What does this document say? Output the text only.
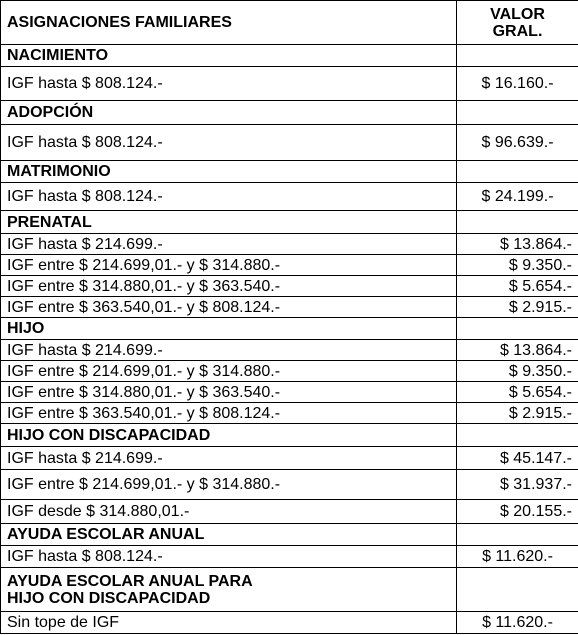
ASIGNACIONES FAMILIARES	VALOR
GRAL.

NACIMIENTO	
IGF hasta $ 808.124.-	$ 16.160.-
ADOPCIÓN	
IGF hasta $ 808.124.-	$ 96.639.-
MATRIMONIO	
IGF hasta $ 808.124.-	$ 24.199.-
PRENATAL	
IGF hasta $ 214.699.-	$ 13.864.-
IGF entre $ 214.699,01.- y $ 314.880.-	$ 9.350.-
IGF entre $ 314.880,01.- y $ 363.540.-	$ 5.654.-
IGF entre $ 363.540,01.- y $ 808.124.-	$ 2.915.-
HIJO	
IGF hasta $ 214.699.-	$ 13.864.-
IGF entre $ 214.699,01.- y $ 314.880.-	$ 9.350.-
IGF entre $ 314.880,01.- y $ 363.540.-	$ 5.654.-
IGF entre $ 363.540,01.- y $ 808.124.-	$ 2.915.-
HIJO CON DISCAPACIDAD	
IGF hasta $ 214.699.-	$ 45.147.-
IGF entre $ 214.699,01.- y $ 314.880.-	$ 31.937.-
IGF desde $ 314.880,01.-	$ 20.155.-
AYUDA ESCOLAR ANUAL	
IGF hasta $ 808.124.-	$ 11.620.-

AYUDA ESCOLAR ANUAL PARA
HIJO CON DISCAPACIDAD	

Sin tope de IGF	$ 11.620.-
